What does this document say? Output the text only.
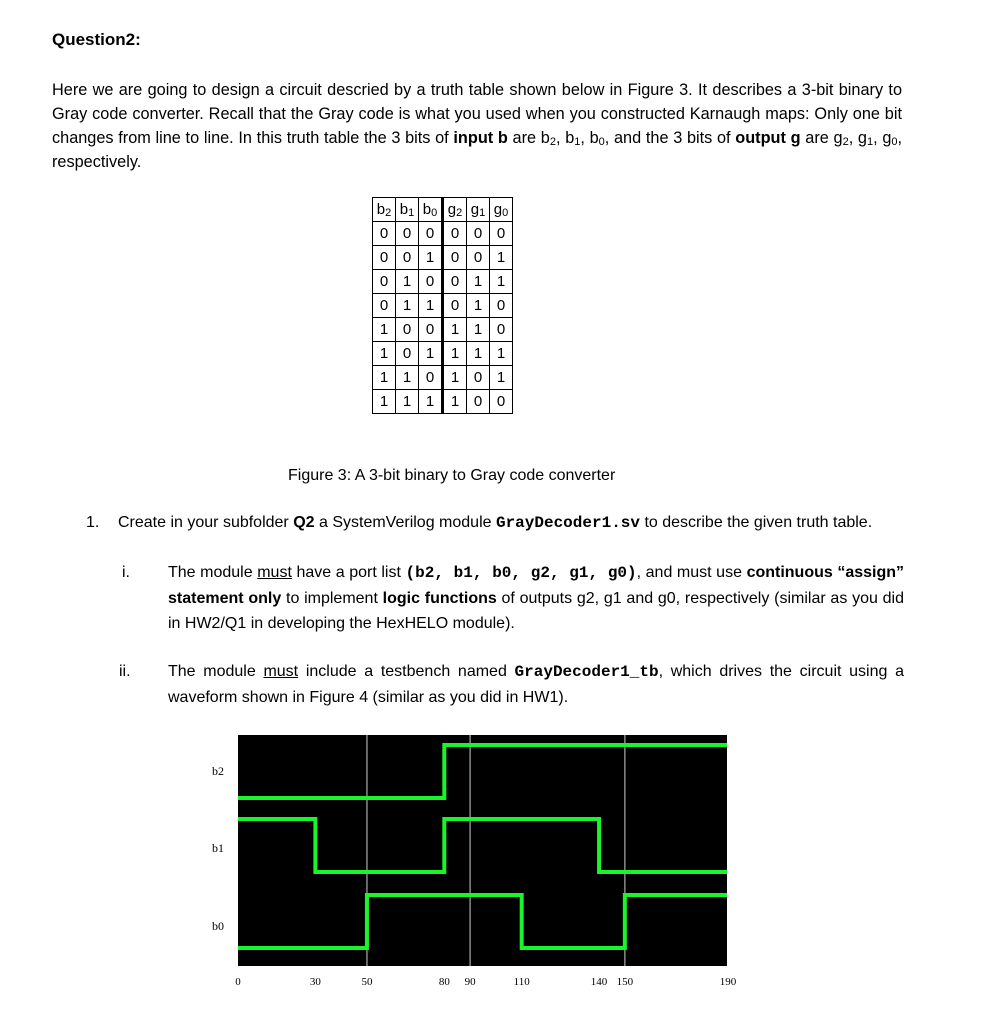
Question2:
Here we are going to design a circuit descried by a truth table shown below in Figure 3. It describes a 3-bit binary to Gray code converter. Recall that the Gray code is what you used when you constructed Karnaugh maps: Only one bit changes from line to line. In this truth table the 3 bits of input b are $b_2$, $b_1$, $b_0$, and the 3 bits of output g are $g_2$, $g_1$, $g_0$, respectively.
$b_2$	$b_1$	$b_0$	$g_2$	$g_1$	$g_0$
0	0	0	0	0	0
0	0	1	0	0	1
0	1	0	0	1	1
0	1	1	0	1	0
1	0	0	1	1	0
1	0	1	1	1	1
1	1	0	1	0	1
1	1	1	1	0	0
Figure 3: A 3-bit binary to Gray code converter
1. Create in your subfolder Q2 a SystemVerilog module GrayDecoder1.sv to describe the given truth table.
i. The module must have a port list (b2, b1, b0, g2, g1, g0), and must use continuous “assign” statement only to implement logic functions of outputs g2, g1 and g0, respectively (similar as you did in HW2/Q1 in developing the HexHELO module).
ii. The module must include a testbench named GrayDecoder1_tb, which drives the circuit using a waveform shown in Figure 4 (similar as you did in HW1).
b2
b1
b0
0	30	50	80 90	110	140 150	190
